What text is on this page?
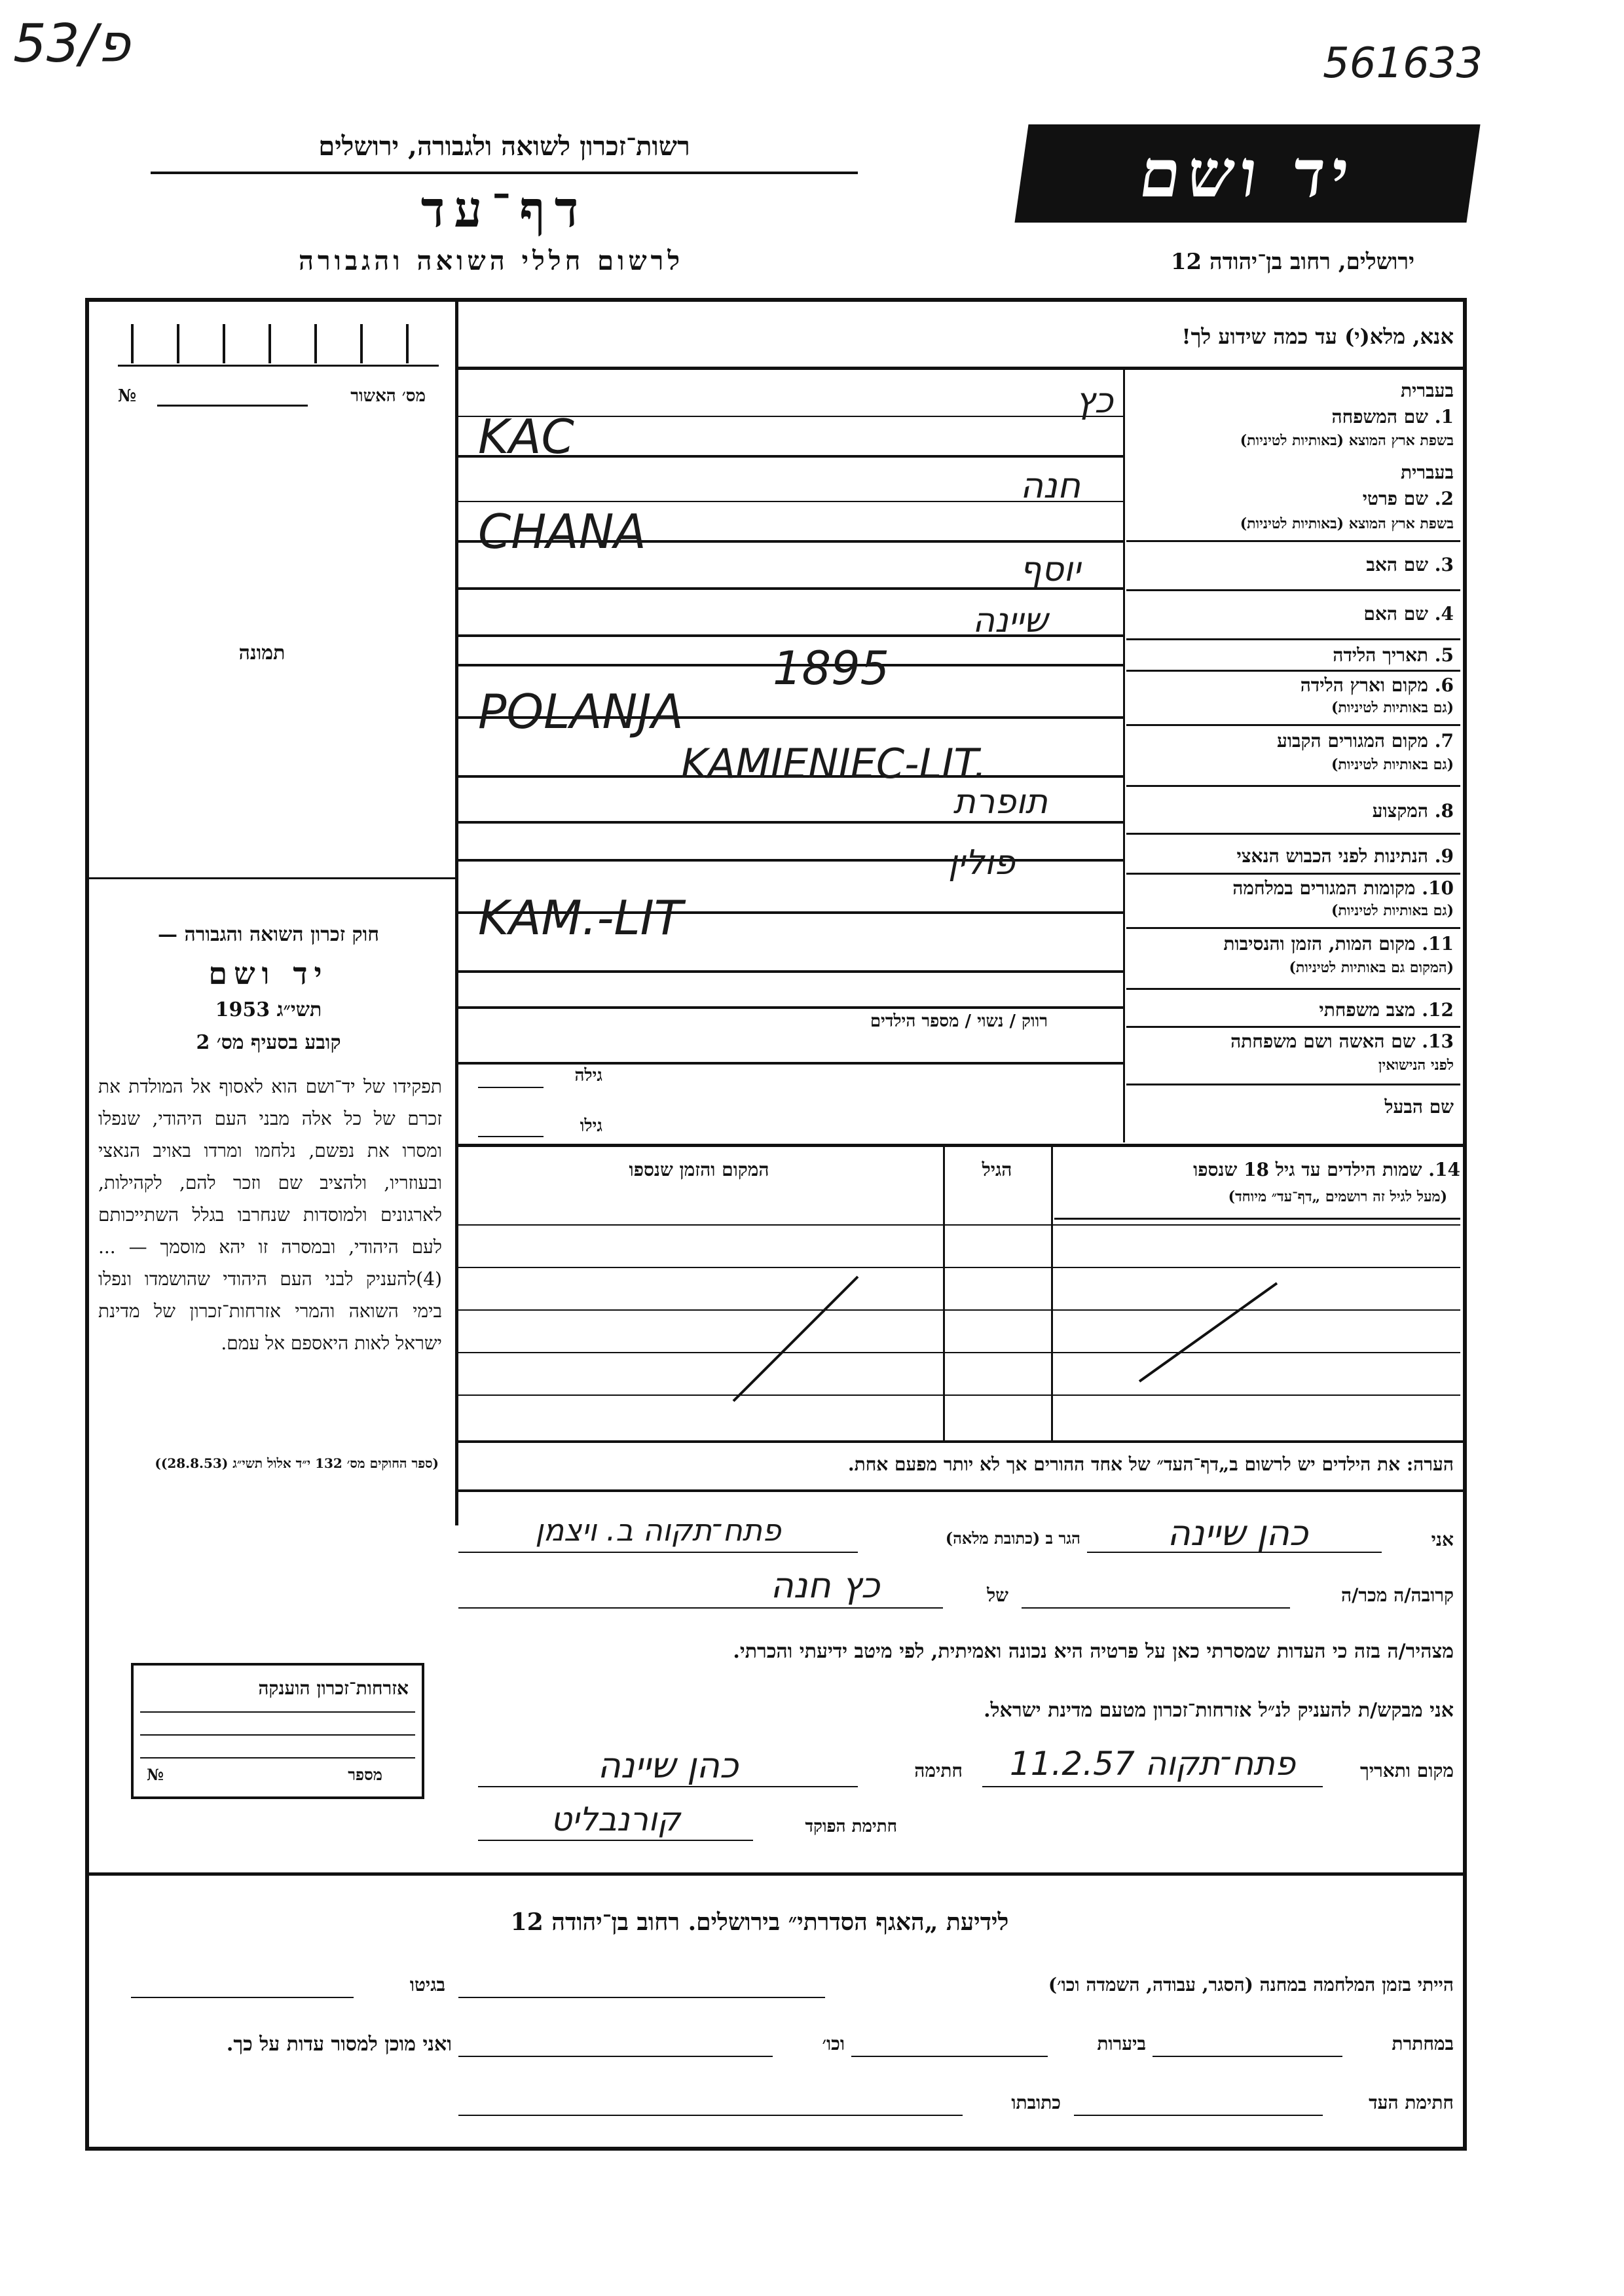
53/פ	561633
רשות־זכרון לשואה ולגבורה, ירושלים
דף־עד
לרשום חללי השואה והגבורה
יד ושם
ירושלים, רחוב בן־יהודה 12
מס׳ האשור
№
תמונה
חוק זכרון השואה והגבורה —
יד ושם
תשי״ג 1953
קובע בסעיף מס׳ 2
תפקידו של יד־ושם הוא לאסוף אל המולדת את זכרם של כל אלה מבני העם היהודי, שנפלו ומסרו את נפשם, נלחמו ומרדו באויב הנאצי ובעוזריו, ולהציב שם וזכר להם, לקהילות, לארגונים ולמוסדות שנחרבו בגלל השתייכותם לעם היהודי, ובמסרה זו יהא מוסמך — ...(4)להעניק לבני העם היהודי שהושמדו ונפלו בימי השואה והמרי אזרחות־זכרון של מדינת ישראל לאות היאספם אל עמם.
(ספר החוקים מס׳ 132 י״ד אלול תשי״ג (28.8.53))
אנא, מלא(י) עד כמה שידוע לך!
בעברית
1. שם המשפחה
בשפת ארץ המוצא (באותיות לטיניות)
בעברית
2. שם פרטי
בשפת ארץ המוצא (באותיות לטיניות)
3. שם האב
4. שם האם
5. תאריך הלידה
6. מקום וארץ הלידה
(גם באותיות לטיניות)
7. מקום המגורים הקבוע
(גם באותיות לטיניות)
8. המקצוע
9. הנתינות לפני הכבוש הנאצי
10. מקומות המגורים במלחמה
(גם באותיות לטיניות)
11. מקום המות, הזמן והנסיבות
(המקום גם באותיות לטיניות)
12. מצב משפחתי
13. שם האשה ושם משפחתה
לפני הנישואין
שם הבעל
כץ
KAC
חנה
CHANA
יוסף
שיינה
1895
POLANJA
KAMIENIEC-LIT.
תופרת
פולין
KAM.-LIT
רווק / נשוי / מספר הילדים
גילה
גילו
14. שמות הילדים עד גיל 18 שנספו
(מעל לגיל זה רושמים „דף־עד״ מיוחד)
הגיל
המקום והזמן שנספו
הערה: את הילדים יש לרשום ב„דף־העד״ של אחד ההורים אך לא יותר מפעם אחת.
אני
כהן שיינה
הגר ב (כתובת מלאה)
פתח־תקוה ב. ויצמן
קרובה/ה מכר/ה
של
כץ חנה
מצהיר/ה בזה כי העדות שמסרתי כאן על פרטיה היא נכונה ואמיתית, לפי מיטב ידיעתי והכרתי.
אני מבקש/ת להעניק לנ״ל אזרחות־זכרון מטעם מדינת ישראל.
מקום ותאריך
פתח־תקוה 11.2.57
חתימה
כהן שיינה
חתימת הפוקד
קורנבליט
אזרחות־זכרון הוענקה
מספר
№
לידיעת „האגף הסדרתי״ בירושלים. רחוב בן־יהודה 12
הייתי בזמן המלחמה במחנה (הסגר, עבודה, השמדה וכו׳)
בגיטו
במחתרת
ביערות
וכו׳
ואני מוכן למסור עדות על כך.
חתימת העד
כתובתו
